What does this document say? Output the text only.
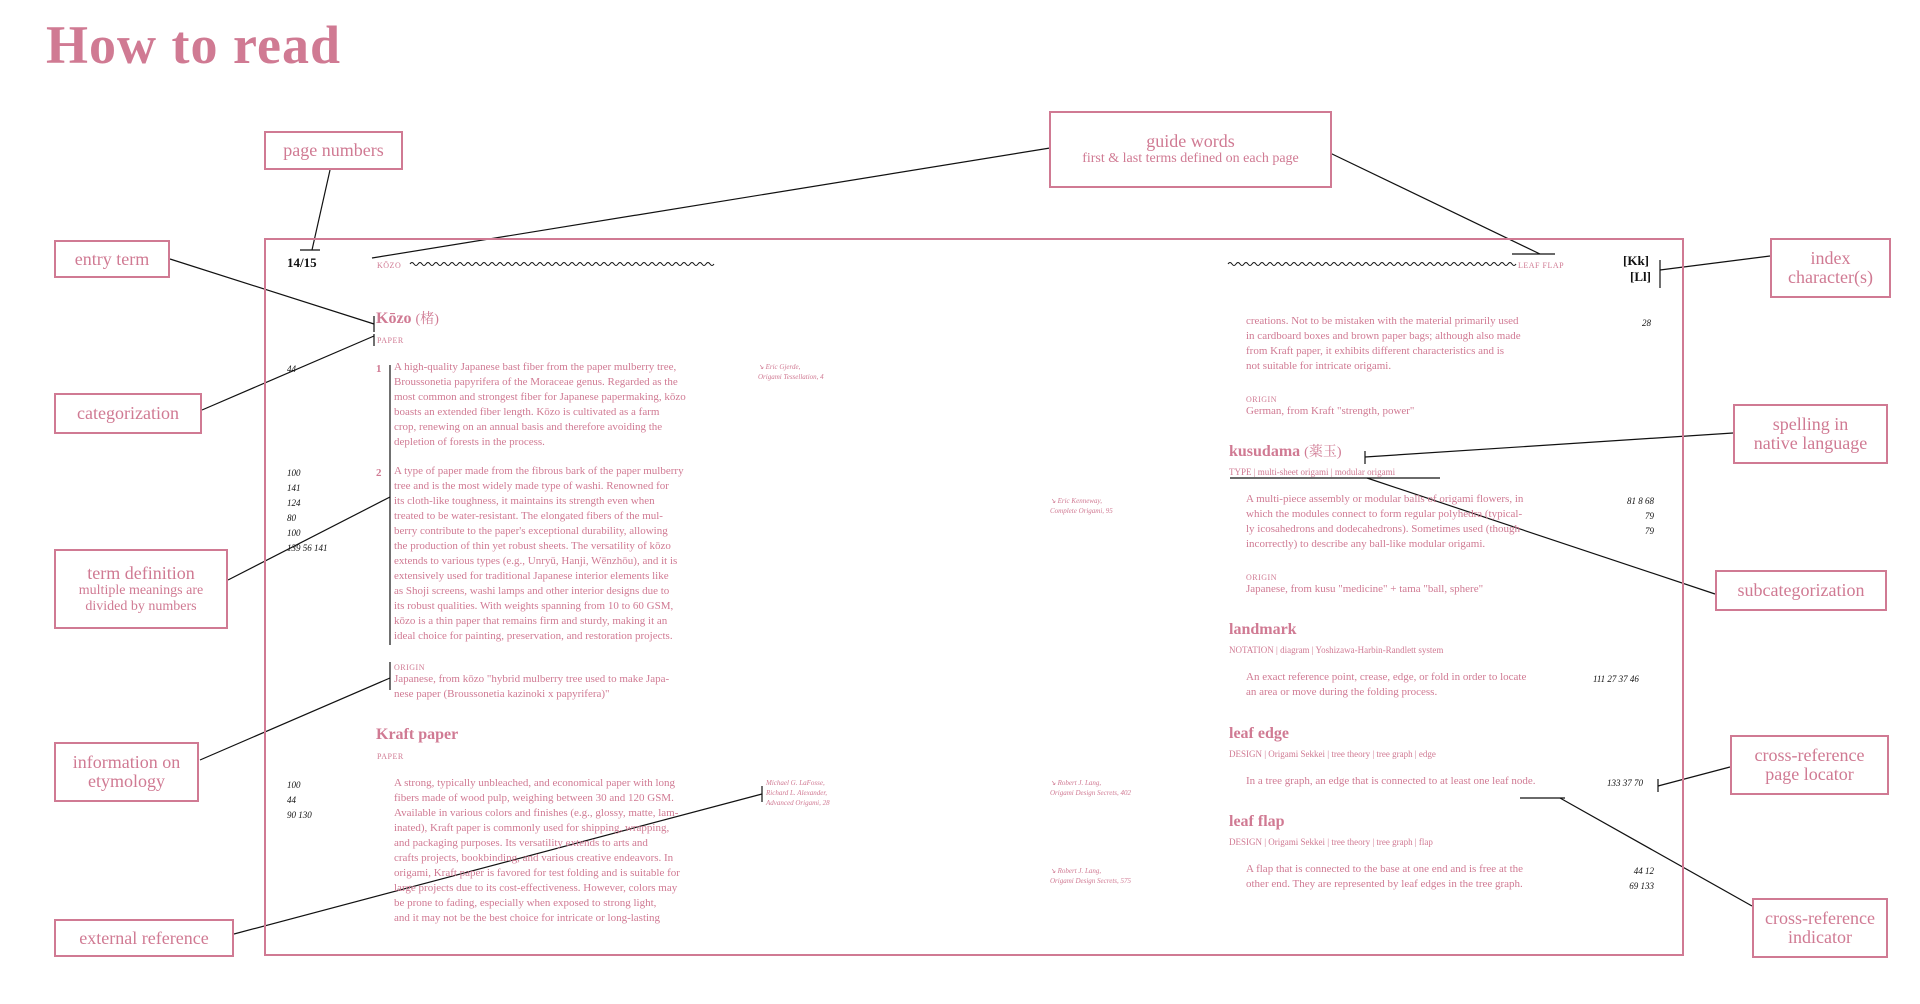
How to read
page numbers	guide words
first & last terms defined on each page
entry term	index character(s)
categorization
spelling in native language
term definition
multiple meanings are divided by numbers
subcategorization
information on etymology
cross-reference page locator
external reference
cross-reference indicator
14/15	KŌZO	LEAF FLAP	[Kk]
[Ll]
Kōzo (楮)
PAPER
44	1 A high-quality Japanese bast fiber from the paper mulberry tree,
Broussonetia papyrifera of the Moraceae genus. Regarded as the
most common and strongest fiber for Japanese papermaking, kōzo
boasts an extended fiber length. Kōzo is cultivated as a farm
crop, renewing on an annual basis and therefore avoiding the
depletion of forests in the process.
100
141
124
80
100
139 56 141
2 A type of paper made from the fibrous bark of the paper mulberry
tree and is the most widely made type of washi. Renowned for
its cloth-like toughness, it maintains its strength even when
treated to be water-resistant. The elongated fibers of the mul-
berry contribute to the paper's exceptional durability, allowing
the production of thin yet robust sheets. The versatility of kōzo
extends to various types (e.g., Unryū, Hanji, Wēnzhōu), and it is
extensively used for traditional Japanese interior elements like
as Shoji screens, washi lamps and other interior designs due to
its robust qualities. With weights spanning from 10 to 60 GSM,
kōzo is a thin paper that remains firm and sturdy, making it an
ideal choice for painting, preservation, and restoration projects.
ORIGIN
Japanese, from kōzo "hybrid mulberry tree used to make Japa-
nese paper (Broussonetia kazinoki x papyrifera)"
Kraft paper
PAPER
100
44
90 130
A strong, typically unbleached, and economical paper with long
fibers made of wood pulp, weighing between 30 and 120 GSM.
Available in various colors and finishes (e.g., glossy, matte, lam-
inated), Kraft paper is commonly used for shipping, wrapping,
and packaging purposes. Its versatility extends to arts and
crafts projects, bookbinding, and various creative endeavors. In
origami, Kraft paper is favored for test folding and is suitable for
large projects due to its cost-effectiveness. However, colors may
be prone to fading, especially when exposed to strong light,
and it may not be the best choice for intricate or long-lasting
↘ Eric Gjerde,
Origami Tessellation, 4
↘ Eric Kenneway,
Complete Origami, 95
Michael G. LaFosse,
Richard L. Alexander,
Advanced Origami, 28
↘ Robert J. Lang,
Origami Design Secrets, 402
↘ Robert J. Lang,
Origami Design Secrets, 575
creations. Not to be mistaken with the material primarily used
in cardboard boxes and brown paper bags; although also made
from Kraft paper, it exhibits different characteristics and is
not suitable for intricate origami.
28
ORIGIN
German, from Kraft "strength, power"
kusudama (薬玉)
TYPE | multi-sheet origami | modular origami
A multi-piece assembly or modular balls of origami flowers, in
which the modules connect to form regular polyhedra (typical-
ly icosahedrons and dodecahedrons). Sometimes used (though
incorrectly) to describe any ball-like modular origami.
81 8 68
79
79
ORIGIN
Japanese, from kusu "medicine" + tama "ball, sphere"
landmark
NOTATION | diagram | Yoshizawa-Harbin-Randlett system
An exact reference point, crease, edge, or fold in order to locate
an area or move during the folding process.
111 27 37 46
leaf edge
DESIGN | Origami Sekkei | tree theory | tree graph | edge
In a tree graph, an edge that is connected to at least one leaf node.	133 37 70
leaf flap
DESIGN | Origami Sekkei | tree theory | tree graph | flap
A flap that is connected to the base at one end and is free at the
other end. They are represented by leaf edges in the tree graph.
44 12
69 133
